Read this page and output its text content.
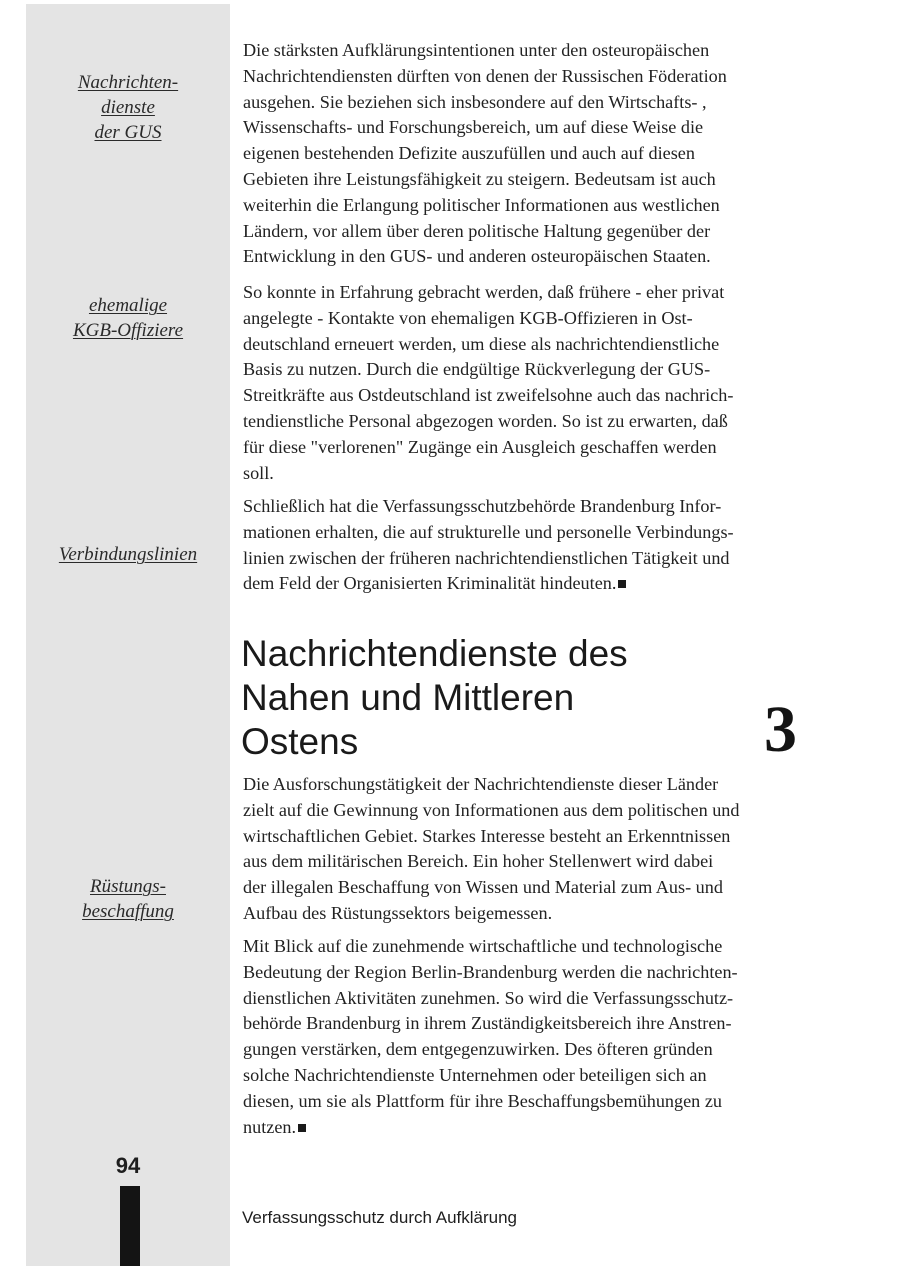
Nachrichten-
dienste
der GUS
ehemalige
KGB-Offiziere
Verbindungslinien
Rüstungs-
beschaffung
94

Die stärksten Aufklärungsintentionen unter den osteuropäischen
Nachrichtendiensten dürften von denen der Russischen Föderation
ausgehen. Sie beziehen sich insbesondere auf den Wirtschafts- ,
Wissenschafts- und Forschungsbereich, um auf diese Weise die
eigenen bestehenden Defizite auszufüllen und auch auf diesen
Gebieten ihre Leistungsfähigkeit zu steigern. Bedeutsam ist auch
weiterhin die Erlangung politischer Informationen aus westlichen
Ländern, vor allem über deren politische Haltung gegenüber der
Entwicklung in den GUS- und anderen osteuropäischen Staaten.

So konnte in Erfahrung gebracht werden, daß frühere - eher privat
angelegte - Kontakte von ehemaligen KGB-Offizieren in Ost-
deutschland erneuert werden, um diese als nachrichtendienstliche
Basis zu nutzen. Durch die endgültige Rückverlegung der GUS-
Streitkräfte aus Ostdeutschland ist zweifelsohne auch das nachrich-
tendienstliche Personal abgezogen worden. So ist zu erwarten, daß
für diese "verlorenen" Zugänge ein Ausgleich geschaffen werden
soll.

Schließlich hat die Verfassungsschutzbehörde Brandenburg Infor-
mationen erhalten, die auf strukturelle und personelle Verbindungs-
linien zwischen der früheren nachrichtendienstlichen Tätigkeit und
dem Feld der Organisierten Kriminalität hindeuten.

Nachrichtendienste des
Nahen und Mittleren
Ostens	3

Die Ausforschungstätigkeit der Nachrichtendienste dieser Länder
zielt auf die Gewinnung von Informationen aus dem politischen und
wirtschaftlichen Gebiet. Starkes Interesse besteht an Erkenntnissen
aus dem militärischen Bereich. Ein hoher Stellenwert wird dabei
der illegalen Beschaffung von Wissen und Material zum Aus- und
Aufbau des Rüstungssektors beigemessen.

Mit Blick auf die zunehmende wirtschaftliche und technologische
Bedeutung der Region Berlin-Brandenburg werden die nachrichten-
dienstlichen Aktivitäten zunehmen. So wird die Verfassungsschutz-
behörde Brandenburg in ihrem Zuständigkeitsbereich ihre Anstren-
gungen verstärken, dem entgegenzuwirken. Des öfteren gründen
solche Nachrichtendienste Unternehmen oder beteiligen sich an
diesen, um sie als Plattform für ihre Beschaffungsbemühungen zu
nutzen.

Verfassungsschutz durch Aufklärung
